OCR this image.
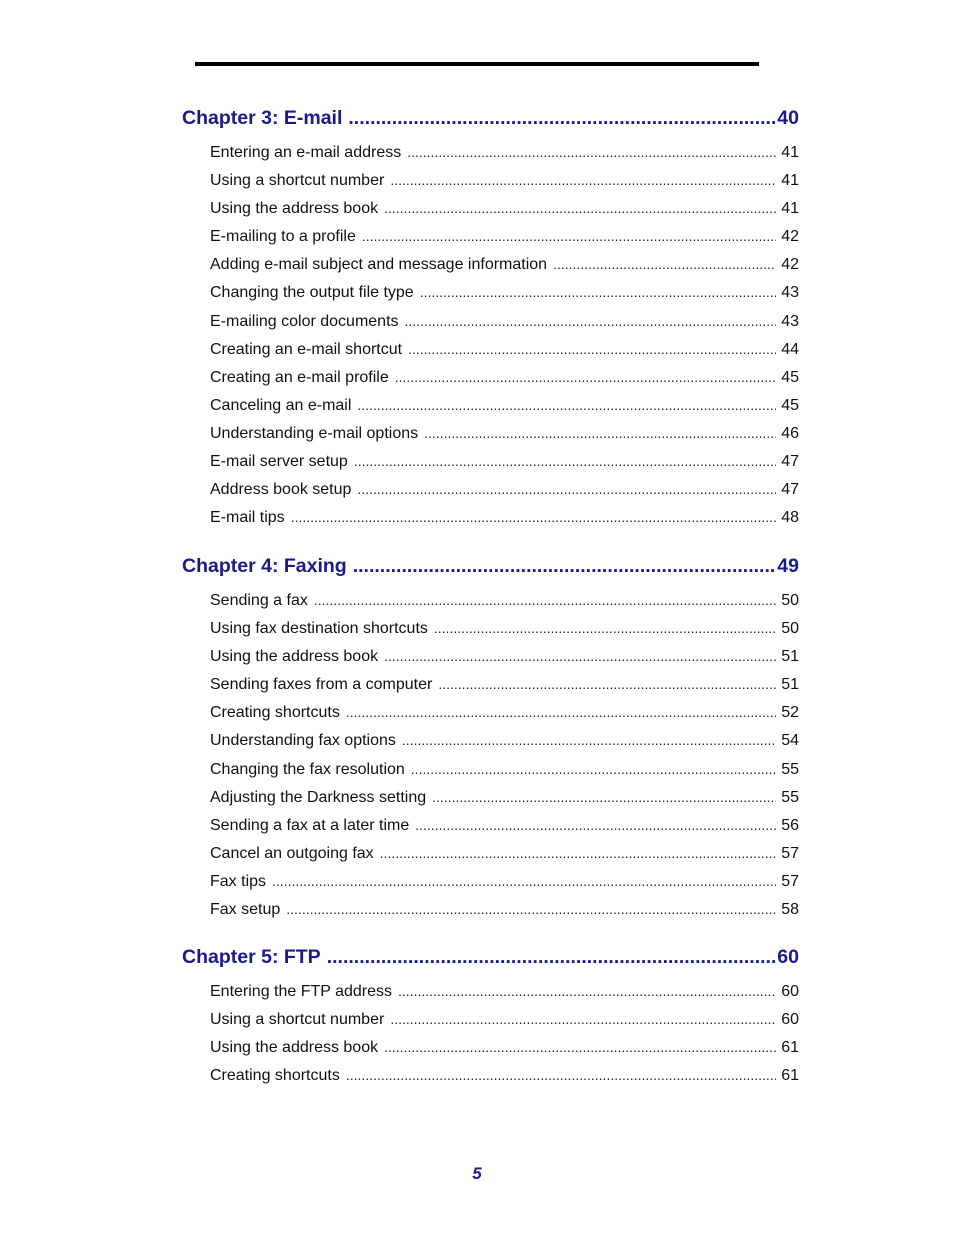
Chapter 3: E-mail .....	40
Entering an e-mail address .....	41
Using a shortcut number .....	41
Using the address book .....	41
E-mailing to a profile .....	42
Adding e-mail subject and message information .....	42
Changing the output file type .....	43
E-mailing color documents .....	43
Creating an e-mail shortcut .....	44
Creating an e-mail profile .....	45
Canceling an e-mail .....	45
Understanding e-mail options .....	46
E-mail server setup .....	47
Address book setup .....	47
E-mail tips .....	48
Chapter 4: Faxing .....	49
Sending a fax .....	50
Using fax destination shortcuts .....	50
Using the address book .....	51
Sending faxes from a computer .....	51
Creating shortcuts .....	52
Understanding fax options .....	54
Changing the fax resolution .....	55
Adjusting the Darkness setting .....	55
Sending a fax at a later time .....	56
Cancel an outgoing fax .....	57
Fax tips .....	57
Fax setup .....	58
Chapter 5: FTP .....	60
Entering the FTP address .....	60
Using a shortcut number .....	60
Using the address book .....	61
Creating shortcuts .....	61
5
